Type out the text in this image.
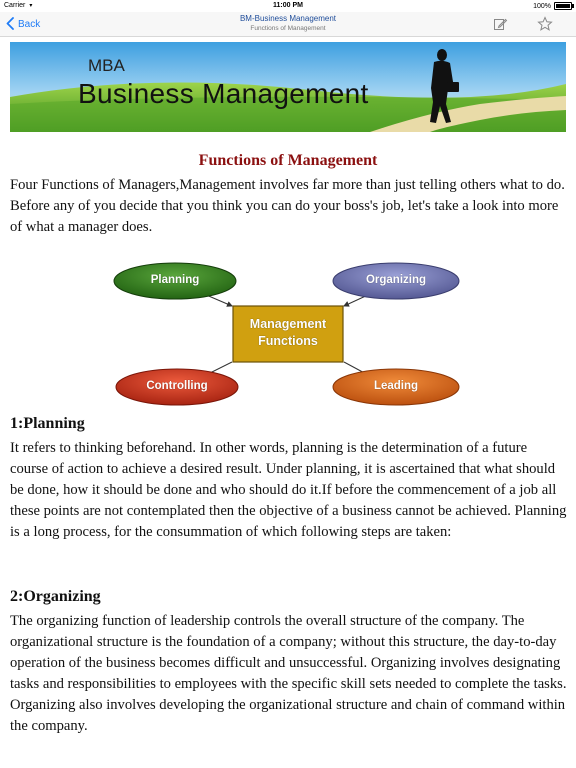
Carrier ▾	11:00 PM	100%
Back	BM-Business Management
Functions of Management
MBA
Business Management
Functions of Management

Four Functions of Managers,Management involves far more than just telling others what to do. Before any of you decide that you think you can do your boss's job, let's take a look into more of what a manager does.

Planning	Organizing
Controlling	Leading
Management
Functions
1:Planning

It refers to thinking beforehand. In other words, planning is the determination of a future course of action to achieve a desired result. Under planning, it is ascertained that what should be done, how it should be done and who should do it.If before the commencement of a job all these points are not contemplated then the objective of a business cannot be achieved. Planning is a long process, for the consummation of which following steps are taken:

2:Organizing

The organizing function of leadership controls the overall structure of the company. The organizational structure is the foundation of a company; without this structure, the day-to-day operation of the business becomes difficult and unsuccessful. Organizing involves designating tasks and responsibilities to employees with the specific skill sets needed to complete the tasks. Organizing also involves developing the organizational structure and chain of command within the company.
